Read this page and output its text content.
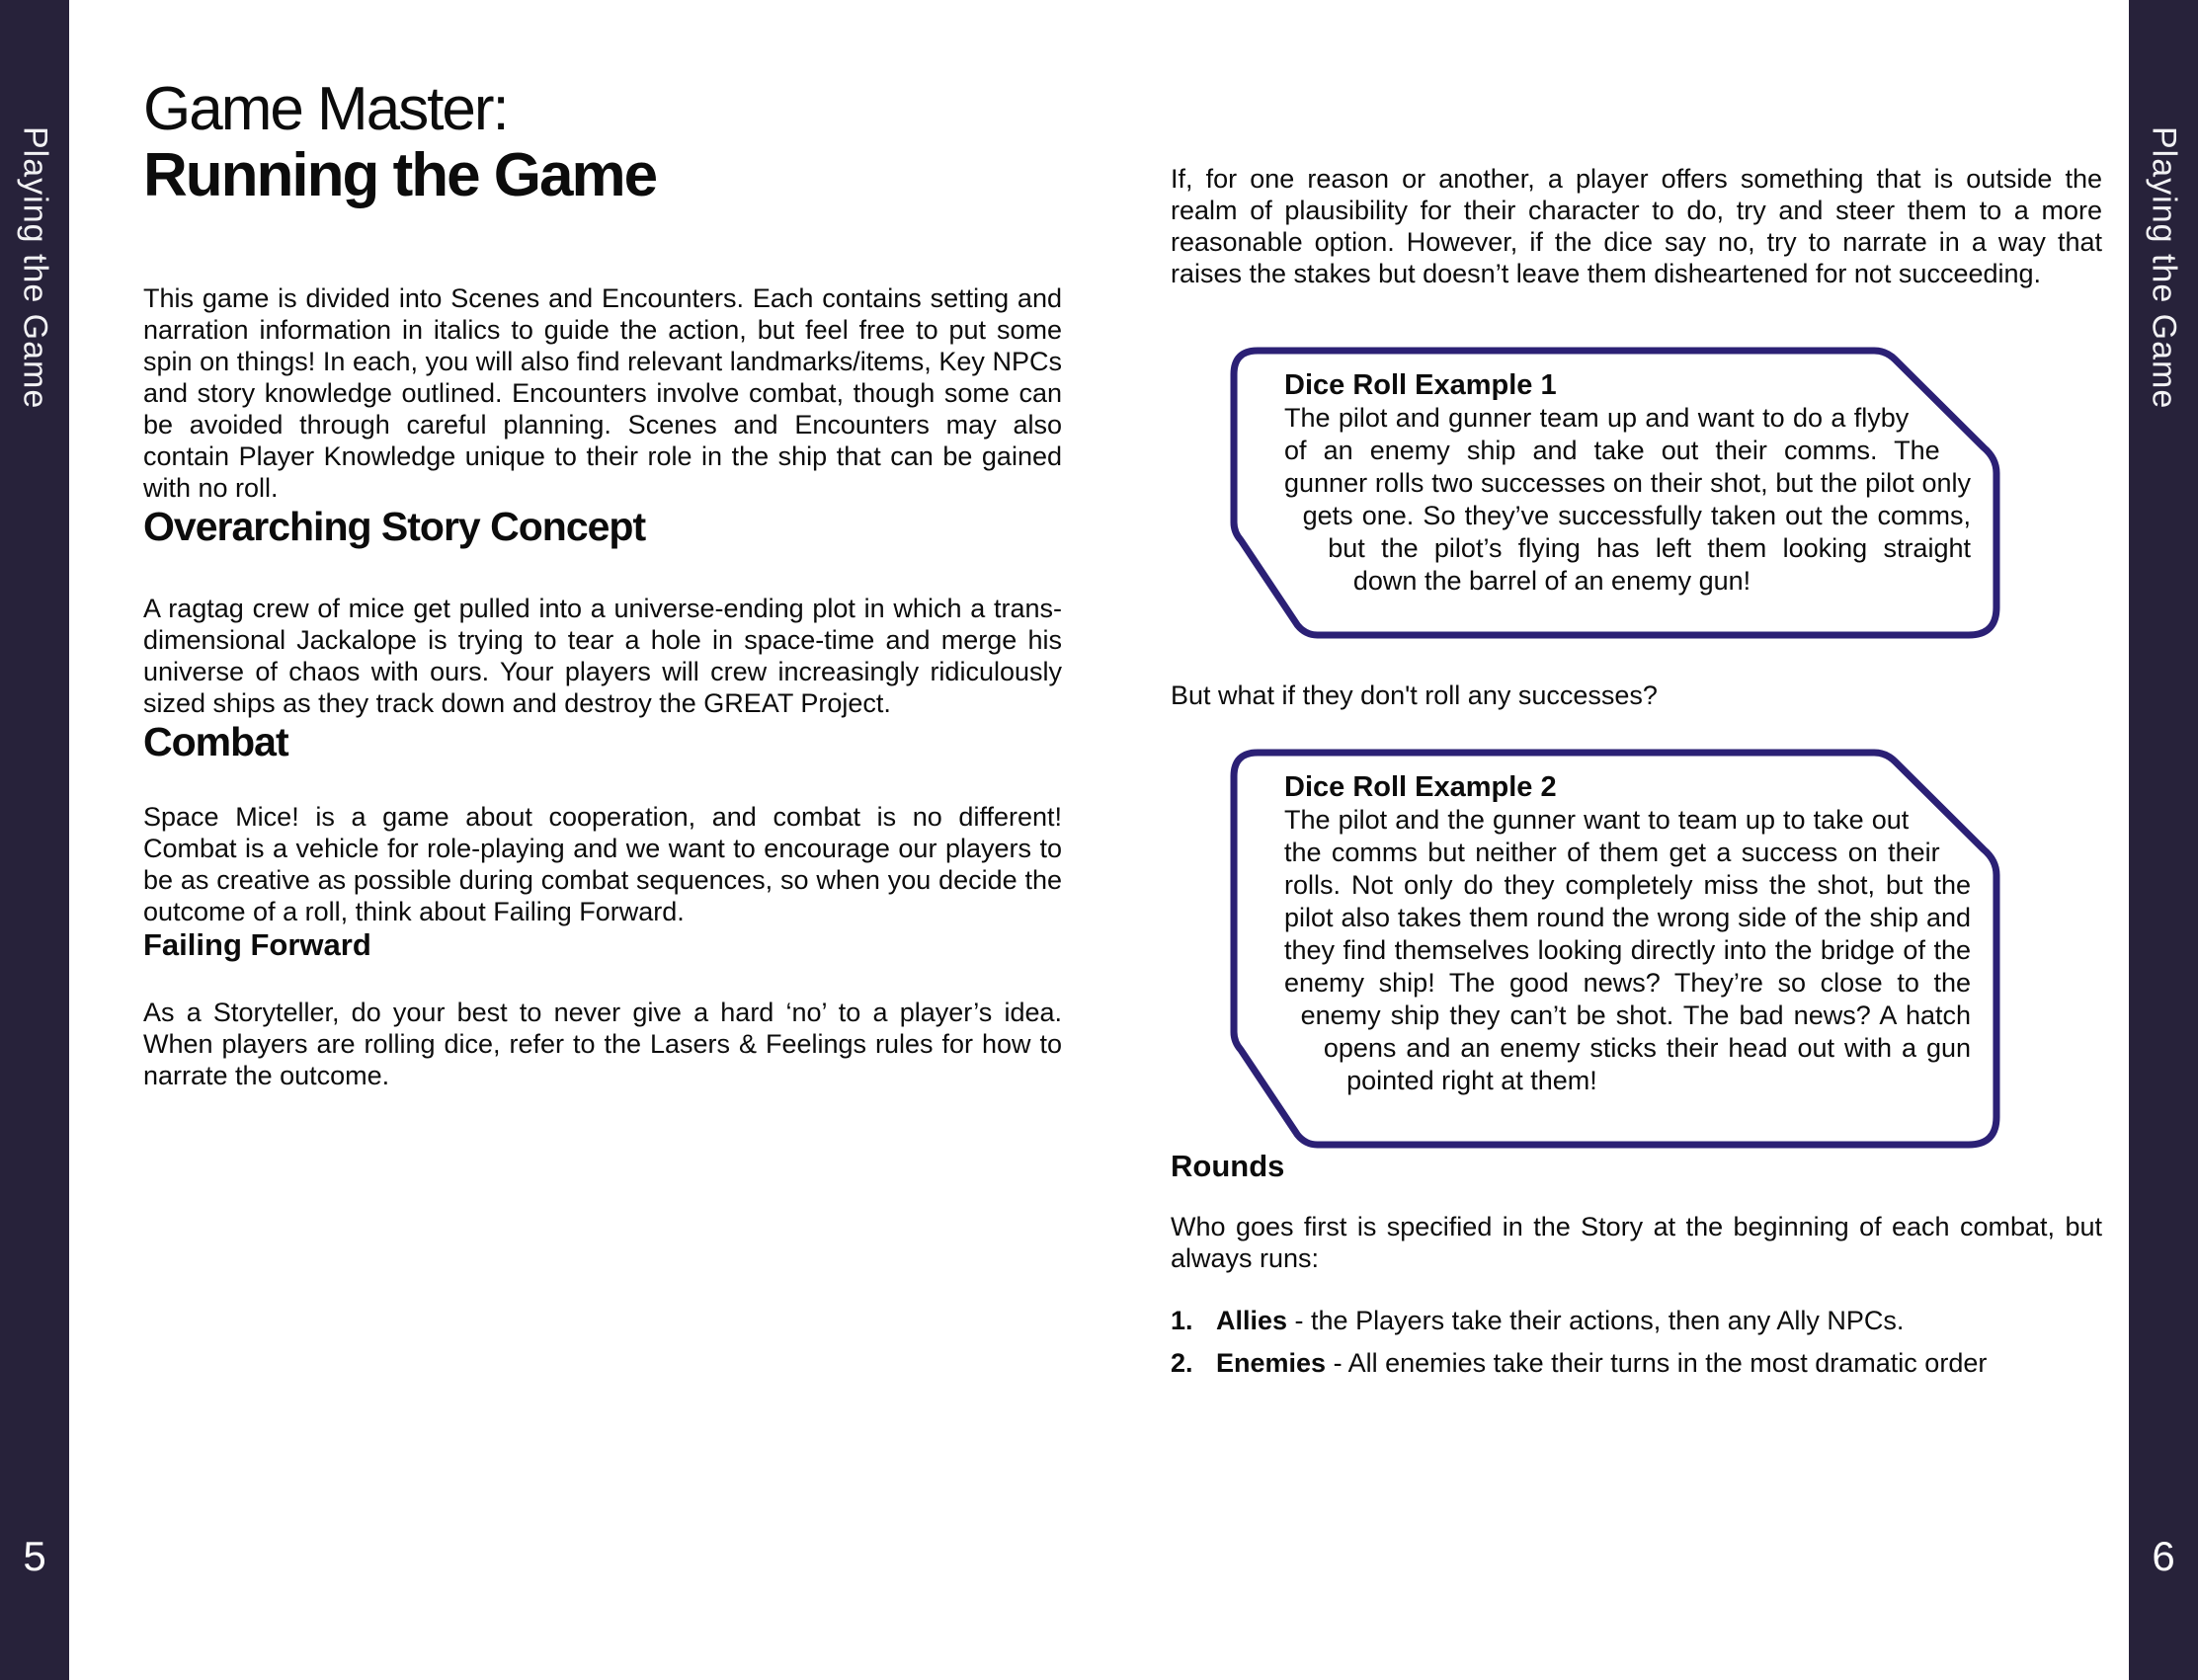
Playing the Game
5
Playing the Game
6
Game Master:
Running the Game

This game is divided into Scenes and Encounters. Each contains setting and narration information in italics to guide the action, but feel free to put some spin on things! In each, you will also find relevant landmarks/items, Key NPCs and story knowledge outlined. Encounters involve combat, though some can be avoided through careful planning. Scenes and Encounters may also contain Player Knowledge unique to their role in the ship that can be gained with no roll.

Overarching Story Concept

A ragtag crew of mice get pulled into a universe-ending plot in which a trans-dimensional Jackalope is trying to tear a hole in space-time and merge his universe of chaos with ours. Your players will crew increasingly ridiculously sized ships as they track down and destroy the GREAT Project.

Combat

Space Mice! is a game about cooperation, and combat is no different! Combat is a vehicle for role-playing and we want to encourage our players to be as creative as possible during combat sequences, so when you decide the outcome of a roll, think about Failing Forward.

Failing Forward

As a Storyteller, do your best to never give a hard ‘no’ to a player’s idea. When players are rolling dice, refer to the Lasers & Feelings rules for how to narrate the outcome.

If, for one reason or another, a player offers something that is outside the realm of plausibility for their character to do, try and steer them to a more reasonable option. However, if the dice say no, try to narrate in a way that raises the stakes but doesn’t leave them disheartened for not succeeding.

Dice Roll Example 1

The pilot and gunner team up and want to do a flyby of an enemy ship and take out their comms. The gunner rolls two successes on their shot, but the pilot only gets one. So they’ve successfully taken out the comms, but the pilot’s flying has left them looking straight down the barrel of an enemy gun!

But what if they don't roll any successes?

Dice Roll Example 2

The pilot and the gunner want to team up to take out the comms but neither of them get a success on their rolls. Not only do they completely miss the shot, but the pilot also takes them round the wrong side of the ship and they find themselves looking directly into the bridge of the enemy ship! The good news? They’re so close to the enemy ship they can’t be shot. The bad news? A hatch opens and an enemy sticks their head out with a gun pointed right at them!

Rounds

Who goes first is specified in the Story at the beginning of each combat, but always runs:

1. Allies - the Players take their actions, then any Ally NPCs.
2. Enemies - All enemies take their turns in the most dramatic order
